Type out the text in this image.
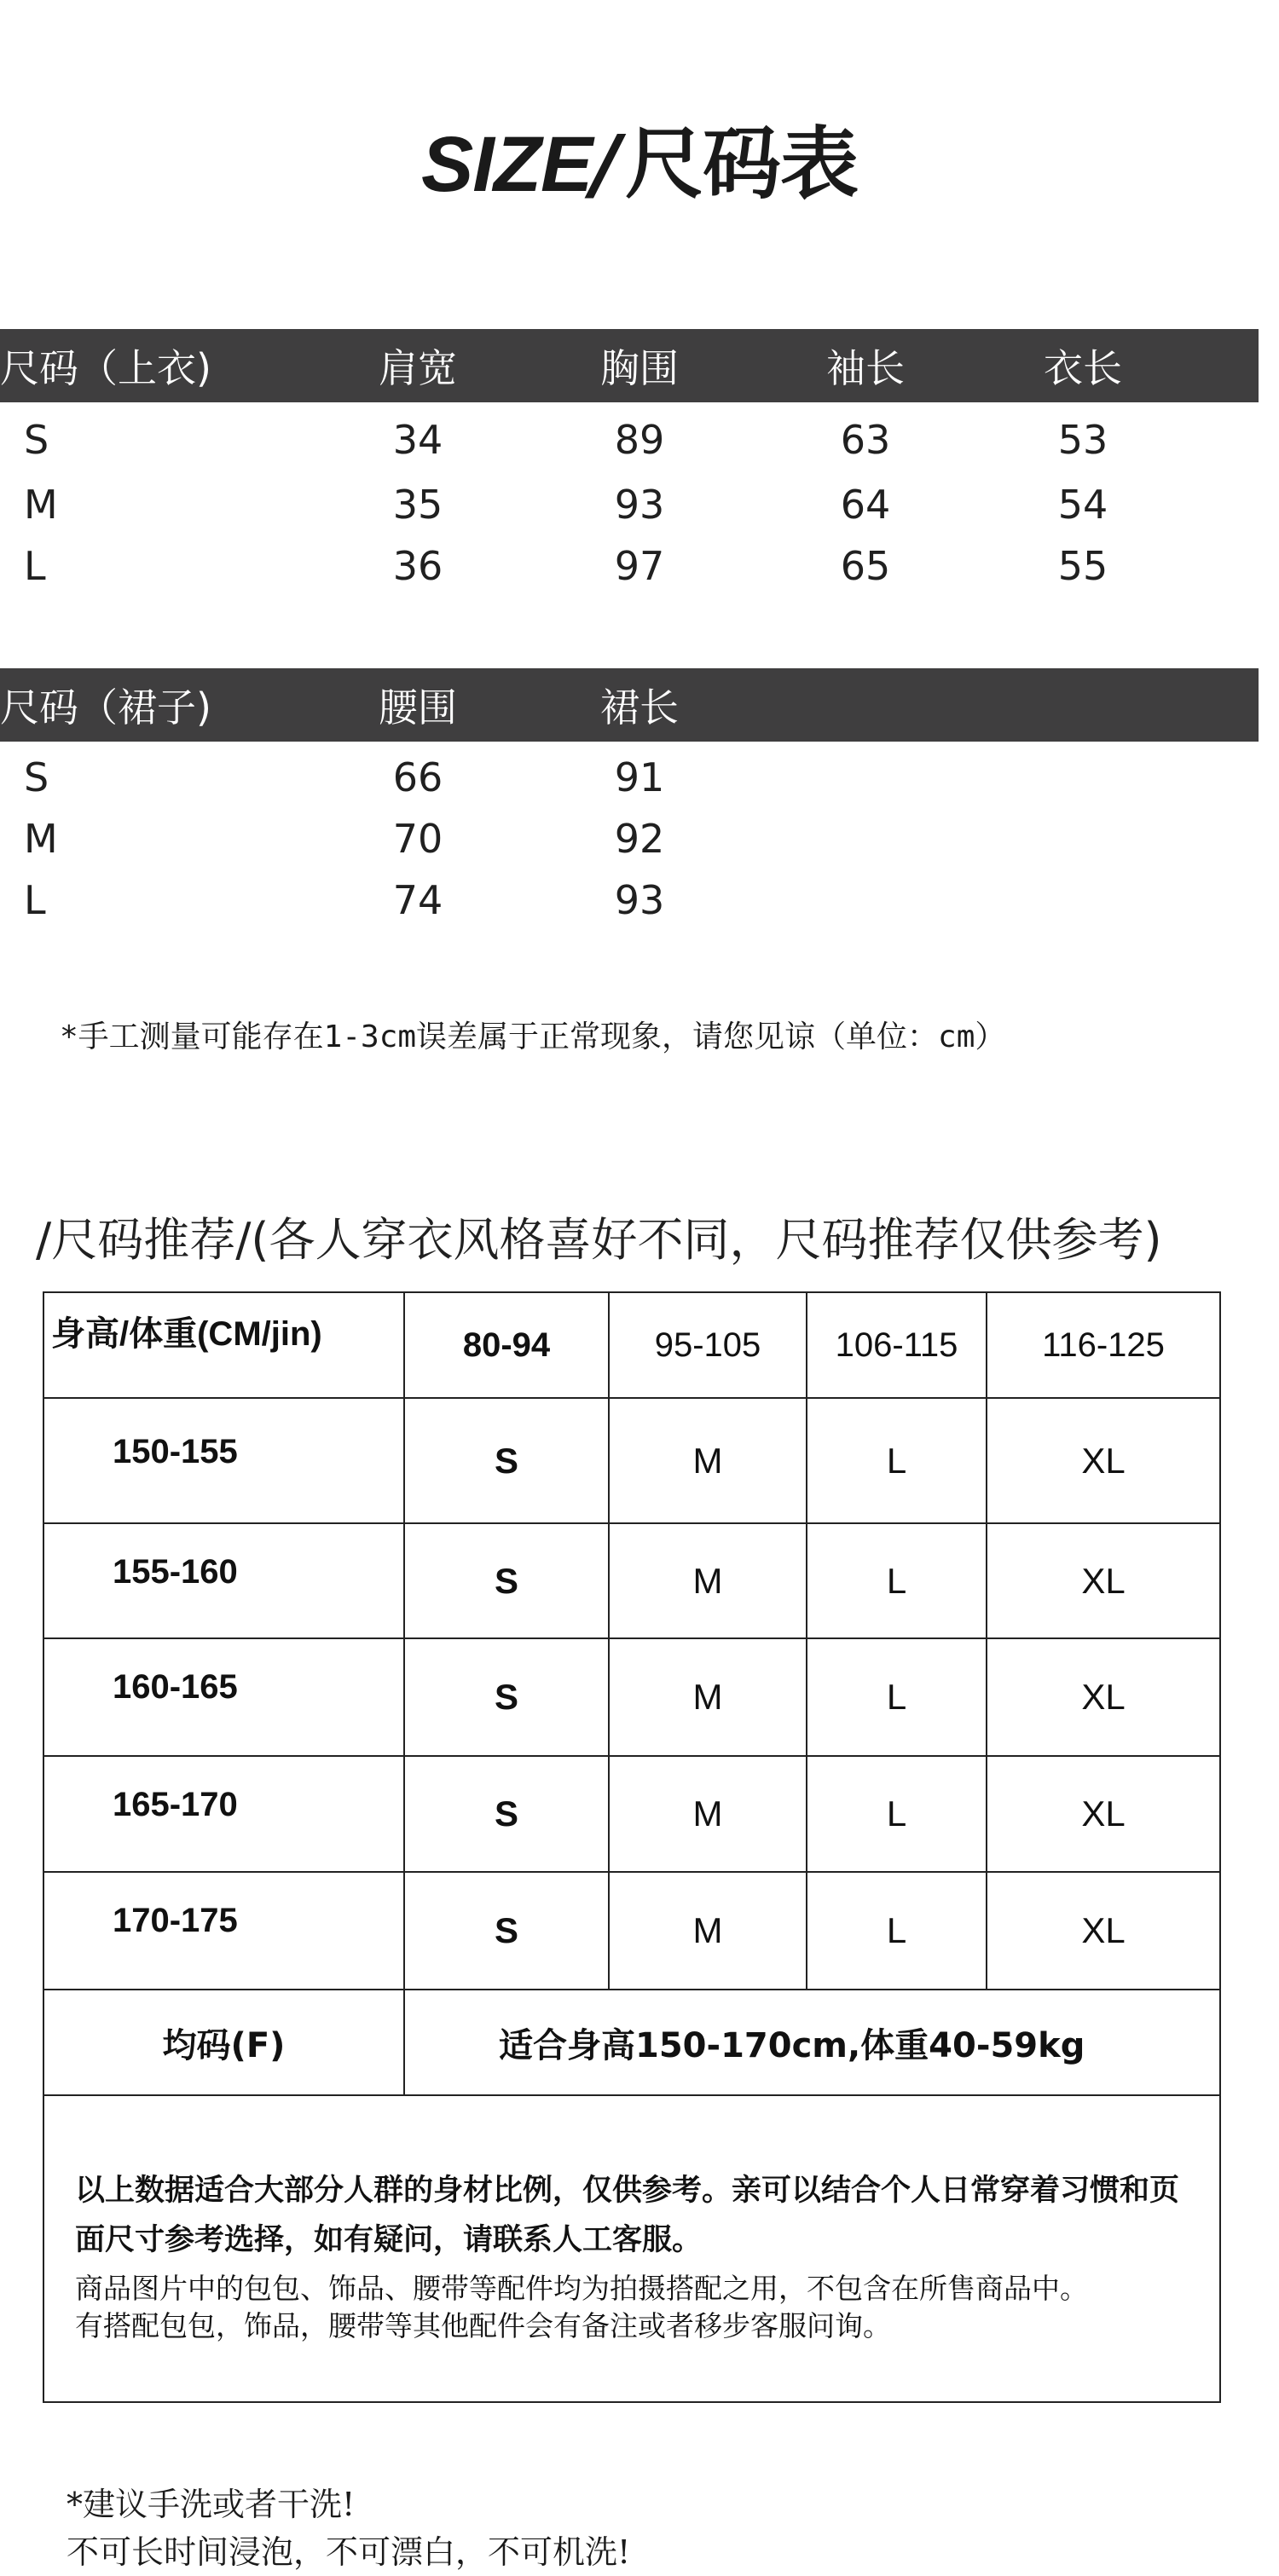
SIZE/尺码表
尺码（上衣)	肩宽	胸围	袖长	衣长
S	34	89	63	53
M	35	93	64	54
L	36	97	65	55
尺码（裙子)	腰围	裙长
S	66	91
M	70	92
L	74	93
*手工测量可能存在1-3cm误差属于正常现象，请您见谅（单位：cm）
/尺码推荐/(各人穿衣风格喜好不同，尺码推荐仅供参考)
身高/体重(CM/jin)	80-94	95-105	106-115	116-125
150-155	S	M	L	XL
155-160	S	M	L	XL
160-165	S	M	L	XL
165-170	S	M	L	XL
170-175	S	M	L	XL
均码(F)	适合身高150-170cm,体重40-59kg			

以上数据适合大部分人群的身材比例，仅供参考。亲可以结合个人日常穿着习惯和页
面尺寸参考选择，如有疑问，请联系人工客服。
商品图片中的包包、饰品、腰带等配件均为拍摄搭配之用，不包含在所售商品中。
有搭配包包，饰品，腰带等其他配件会有备注或者移步客服问询。				
*建议手洗或者干洗!
不可长时间浸泡，不可漂白，不可机洗!
